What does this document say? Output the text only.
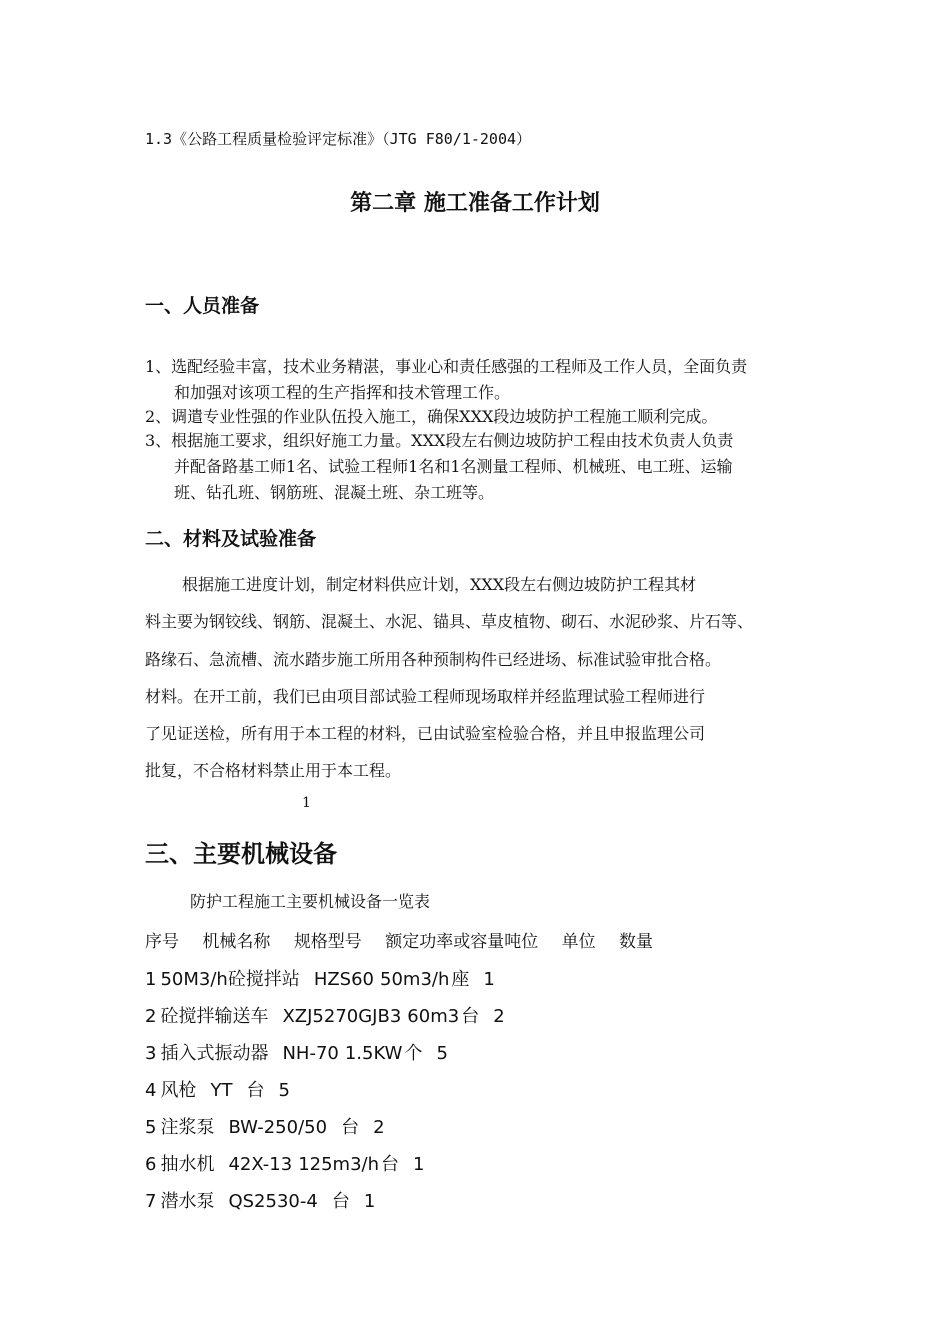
1.3《公路工程质量检验评定标准》（JTG F80/1-2004）
第二章 施工准备工作计划
一、人员准备
1、选配经验丰富，技术业务精湛，事业心和责任感强的工程师及工作人员，全面负责
和加强对该项工程的生产指挥和技术管理工作。
2、调遣专业性强的作业队伍投入施工，确保XXX段边坡防护工程施工顺利完成。
3、根据施工要求，组织好施工力量。XXX段左右侧边坡防护工程由技术负责人负责
并配备路基工师1名、试验工程师1名和1名测量工程师、机械班、电工班、运输
班、钻孔班、钢筋班、混凝土班、杂工班等。
二、材料及试验准备
根据施工进度计划，制定材料供应计划，XXX段左右侧边坡防护工程其材
料主要为钢铰线、钢筋、混凝土、水泥、锚具、草皮植物、砌石、水泥砂浆、片石等、
路缘石、急流槽、流水踏步施工所用各种预制构件已经进场、标准试验审批合格。
材料。在开工前，我们已由项目部试验工程师现场取样并经监理试验工程师进行
了见证送检，所有用于本工程的材料，已由试验室检验合格，并且申报监理公司
批复，不合格材料禁止用于本工程。
1
三、主要机械设备
防护工程施工主要机械设备一览表
序号 机械名称 规格型号 额定功率或容量吨位 单位 数量
1 50M3/h砼搅拌站 HZS60 50m3/h 座 1
2 砼搅拌输送车 XZJ5270GJB3 60m3 台 2
3 插入式振动器 NH-70 1.5KW 个 5
4 风枪 YT 台 5
5 注浆泵 BW-250/50 台 2
6 抽水机 42X-13 125m3/h 台 1
7 潜水泵 QS2530-4 台 1
